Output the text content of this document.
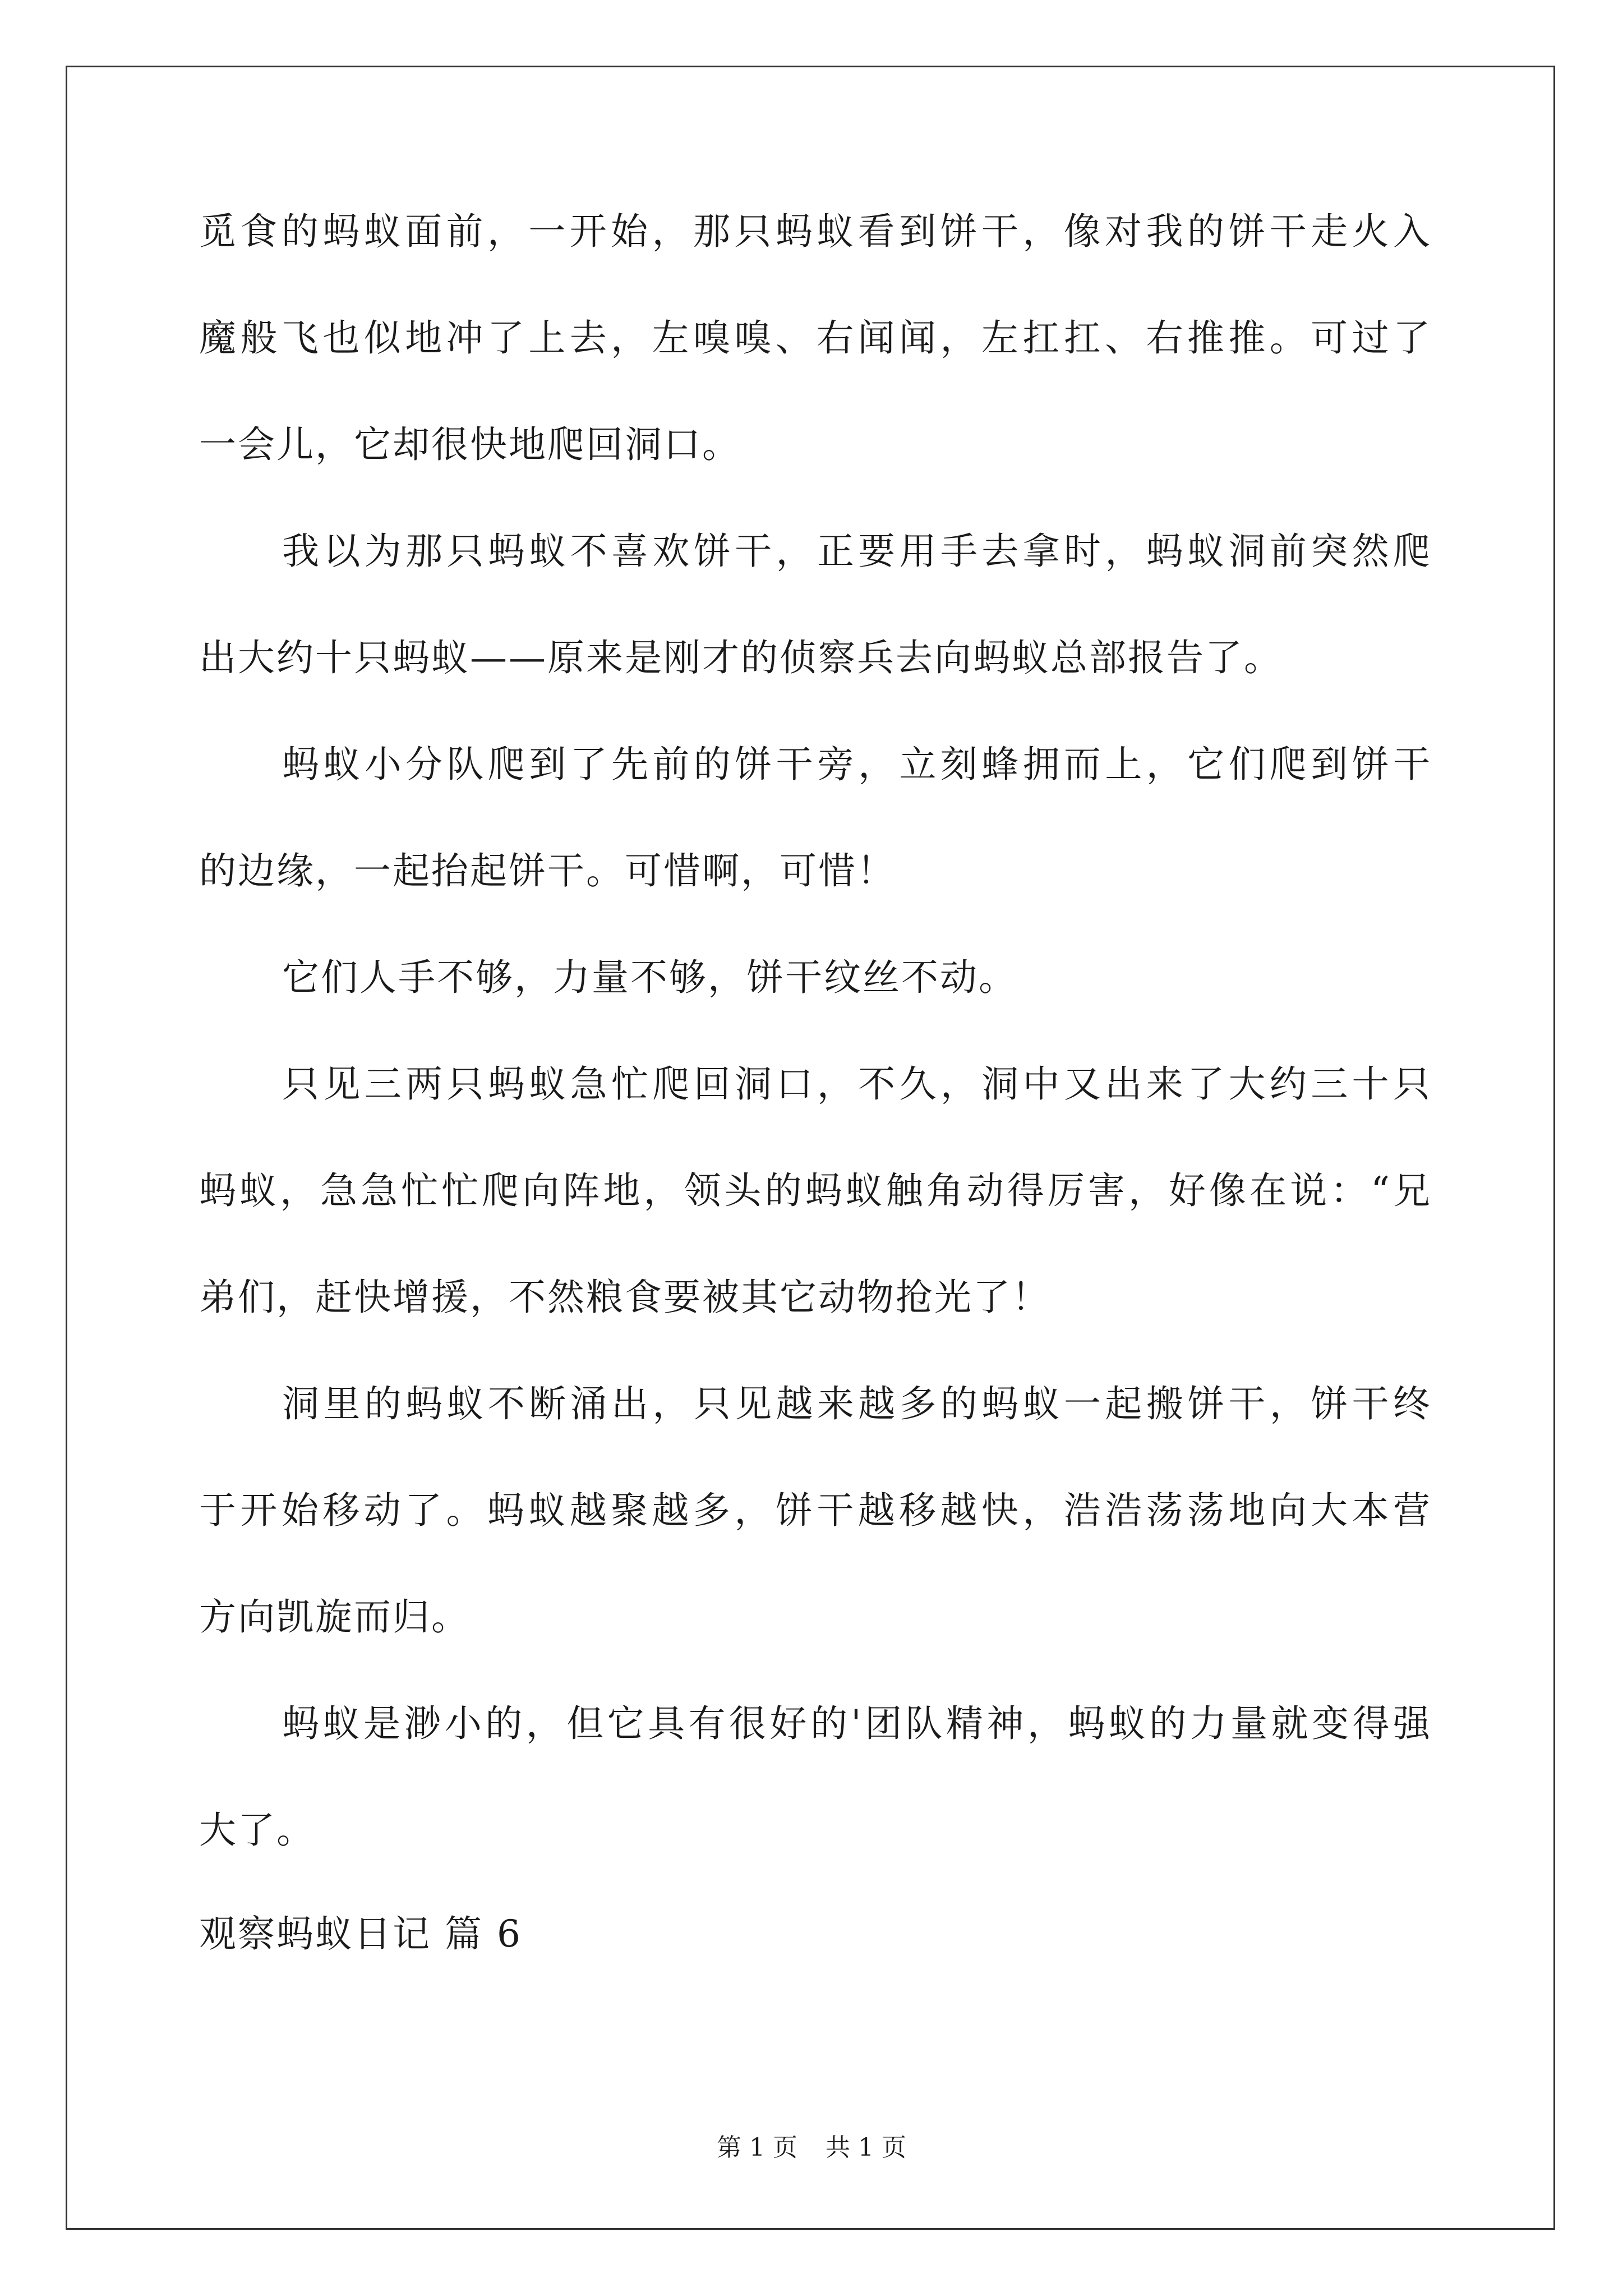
觅食的蚂蚁面前，一开始，那只蚂蚁看到饼干，像对我的饼干走火入
魔般飞也似地冲了上去，左嗅嗅、右闻闻，左扛扛、右推推。可过了
一会儿，它却很快地爬回洞口。
我以为那只蚂蚁不喜欢饼干，正要用手去拿时，蚂蚁洞前突然爬
出大约十只蚂蚁——原来是刚才的侦察兵去向蚂蚁总部报告了。
蚂蚁小分队爬到了先前的饼干旁，立刻蜂拥而上，它们爬到饼干
的边缘，一起抬起饼干。可惜啊，可惜！
它们人手不够，力量不够，饼干纹丝不动。
只见三两只蚂蚁急忙爬回洞口，不久，洞中又出来了大约三十只
蚂蚁，急急忙忙爬向阵地，领头的蚂蚁触角动得厉害，好像在说：“兄
弟们，赶快增援，不然粮食要被其它动物抢光了！
洞里的蚂蚁不断涌出，只见越来越多的蚂蚁一起搬饼干，饼干终
于开始移动了。蚂蚁越聚越多，饼干越移越快，浩浩荡荡地向大本营
方向凯旋而归。
蚂蚁是渺小的，但它具有很好的'团队精神，蚂蚁的力量就变得强
大了。
观察蚂蚁日记 篇 6
第 1 页 共 1 页
